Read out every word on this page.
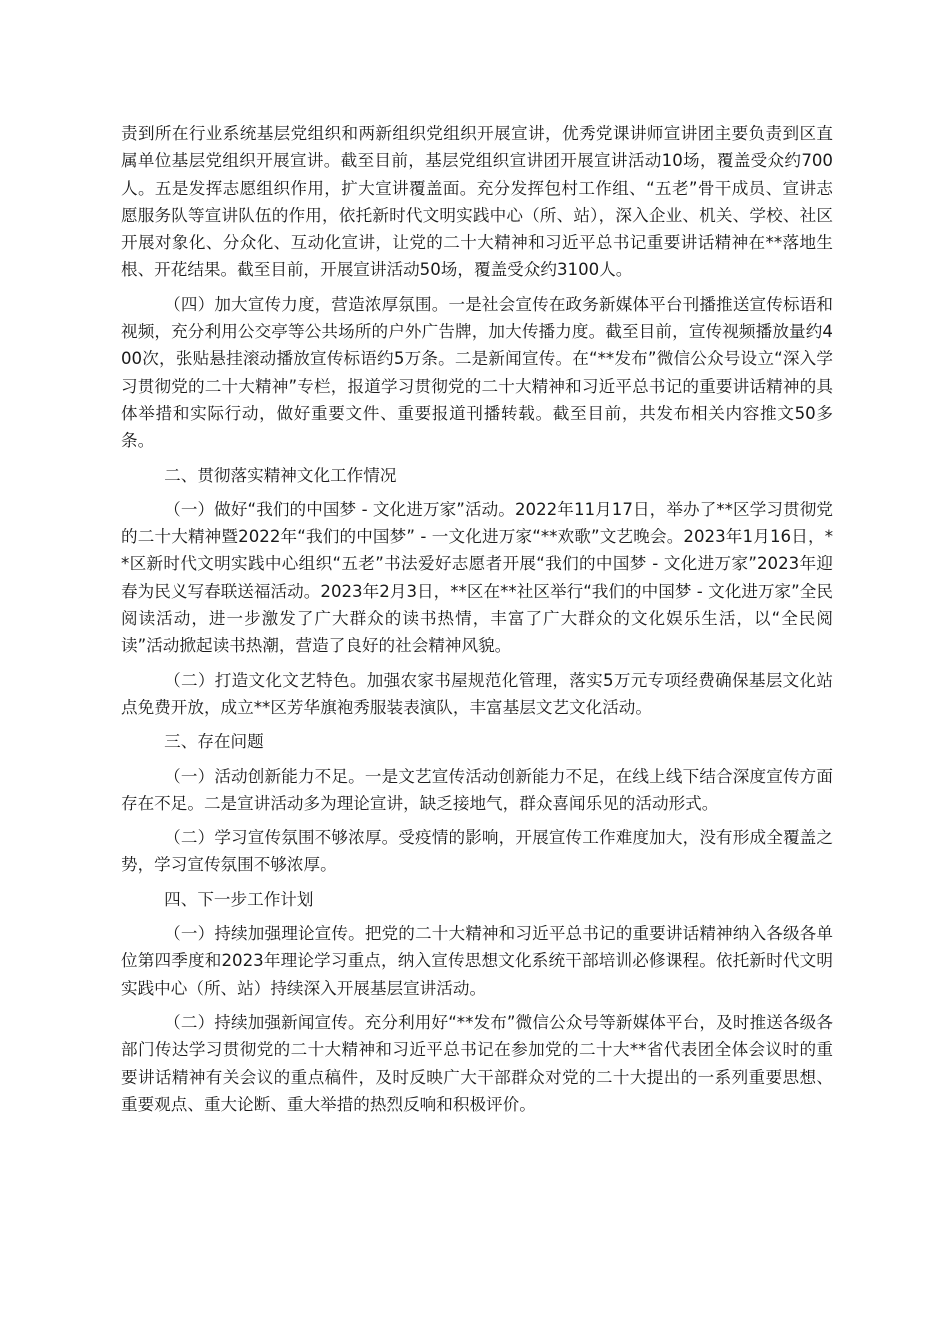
责到所在行业系统基层党组织和两新组织党组织开展宣讲，优秀党课讲师宣讲团主要负责到区直属单位基层党组织开展宣讲。截至目前，基层党组织宣讲团开展宣讲活动10场，覆盖受众约700人。五是发挥志愿组织作用，扩大宣讲覆盖面。充分发挥包村工作组、“五老”骨干成员、宣讲志愿服务队等宣讲队伍的作用，依托新时代文明实践中心（所、站），深入企业、机关、学校、社区开展对象化、分众化、互动化宣讲，让党的二十大精神和习近平总书记重要讲话精神在**落地生根、开花结果。截至目前，开展宣讲活动50场，覆盖受众约3100人。

（四）加大宣传力度，营造浓厚氛围。一是社会宣传在政务新媒体平台刊播推送宣传标语和视频，充分利用公交亭等公共场所的户外广告牌，加大传播力度。截至目前，宣传视频播放量约400次，张贴悬挂滚动播放宣传标语约5万条。二是新闻宣传。在“**发布”微信公众号设立“深入学习贯彻党的二十大精神”专栏，报道学习贯彻党的二十大精神和习近平总书记的重要讲话精神的具体举措和实际行动，做好重要文件、重要报道刊播转载。截至目前，共发布相关内容推文50多条。

二、贯彻落实精神文化工作情况

（一）做好“我们的中国梦 - 文化进万家”活动。2022年11月17日，举办了**区学习贯彻党的二十大精神暨2022年“我们的中国梦” - 一文化进万家“**欢歌”文艺晚会。2023年1月16日，**区新时代文明实践中心组织“五老”书法爱好志愿者开展“我们的中国梦 - 文化进万家”2023年迎春为民义写春联送福活动。2023年2月3日，**区在**社区举行“我们的中国梦 - 文化进万家”全民阅读活动，进一步激发了广大群众的读书热情，丰富了广大群众的文化娱乐生活，以“全民阅读”活动掀起读书热潮，营造了良好的社会精神风貌。

（二）打造文化文艺特色。加强农家书屋规范化管理，落实5万元专项经费确保基层文化站点免费开放，成立**区芳华旗袍秀服装表演队，丰富基层文艺文化活动。

三、存在问题

（一）活动创新能力不足。一是文艺宣传活动创新能力不足，在线上线下结合深度宣传方面存在不足。二是宣讲活动多为理论宣讲，缺乏接地气，群众喜闻乐见的活动形式。

（二）学习宣传氛围不够浓厚。受疫情的影响，开展宣传工作难度加大，没有形成全覆盖之势，学习宣传氛围不够浓厚。

四、下一步工作计划

（一）持续加强理论宣传。把党的二十大精神和习近平总书记的重要讲话精神纳入各级各单位第四季度和2023年理论学习重点，纳入宣传思想文化系统干部培训必修课程。依托新时代文明实践中心（所、站）持续深入开展基层宣讲活动。

（二）持续加强新闻宣传。充分利用好“**发布”微信公众号等新媒体平台，及时推送各级各部门传达学习贯彻党的二十大精神和习近平总书记在参加党的二十大**省代表团全体会议时的重要讲话精神有关会议的重点稿件，及时反映广大干部群众对党的二十大提出的一系列重要思想、重要观点、重大论断、重大举措的热烈反响和积极评价。
